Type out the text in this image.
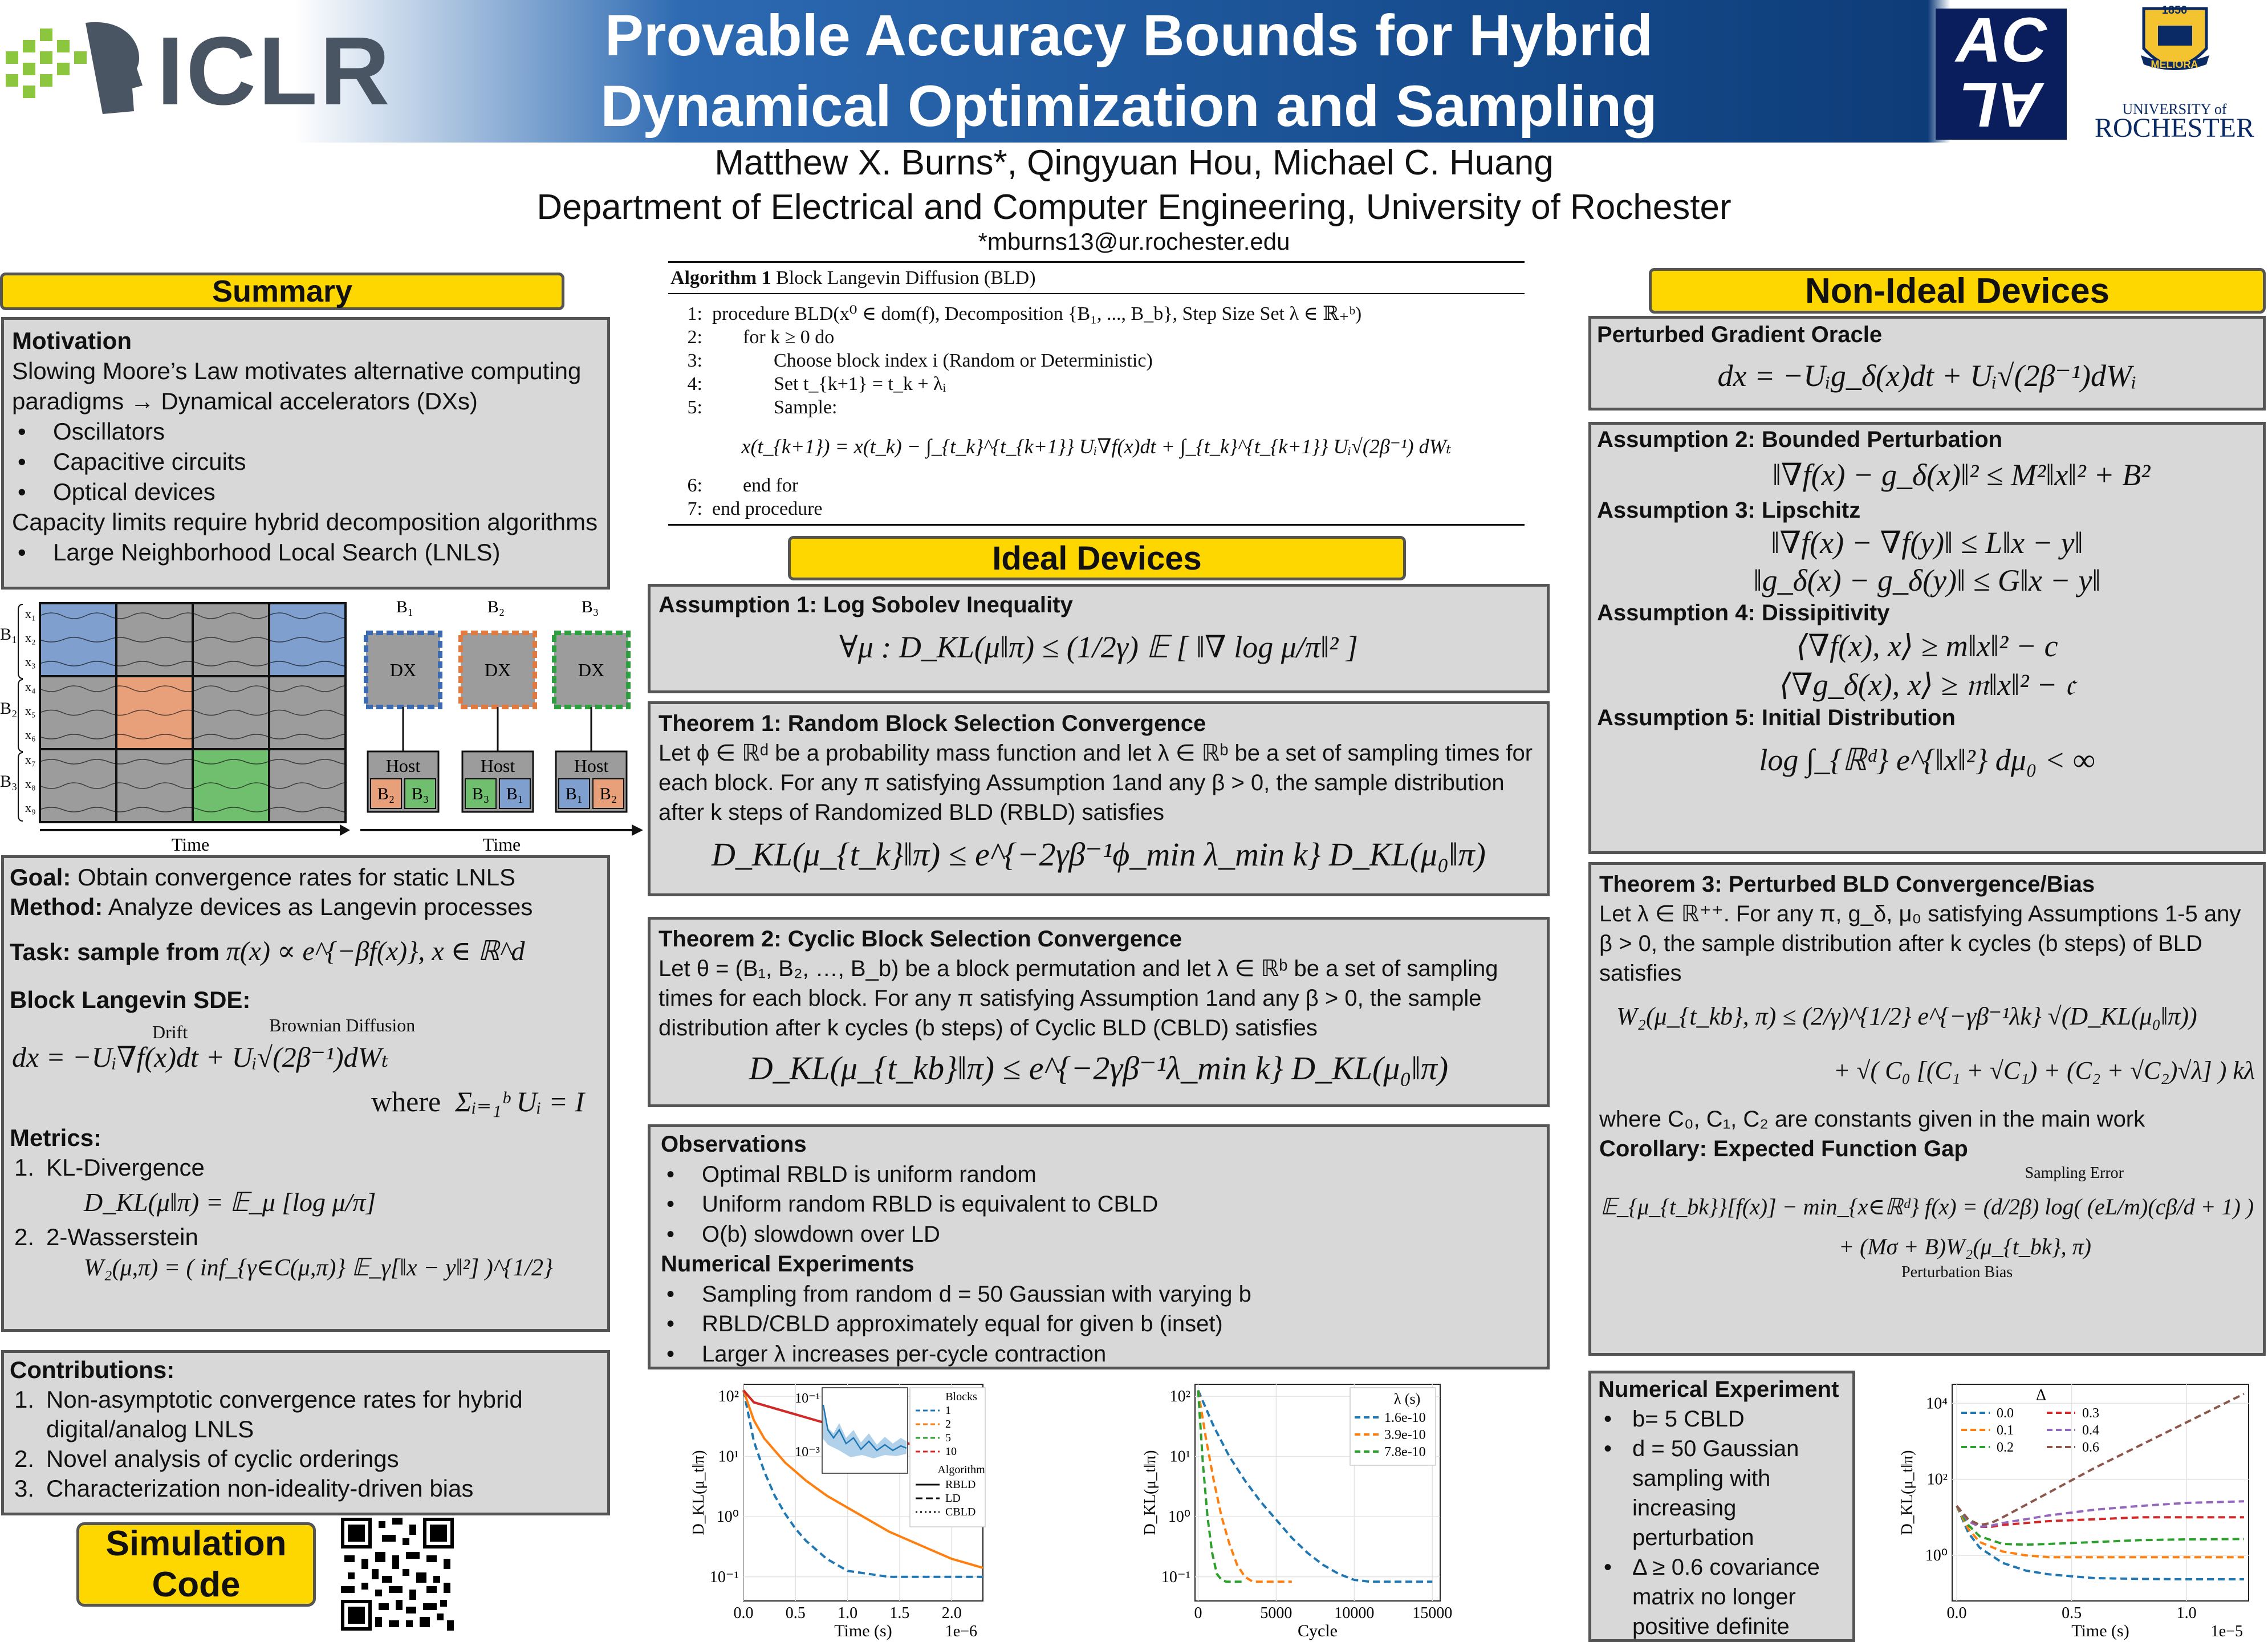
ICLR	Provable Accuracy Bounds for Hybrid
Dynamical Optimization and Sampling
AC
AL
1850
MELIORA
UNIVERSITY of
ROCHESTER
Matthew X. Burns*, Qingyuan Hou, Michael C. Huang
Department of Electrical and Computer Engineering, University of Rochester
*mburns13@ur.rochester.edu
Summary
Motivation
Slowing Moore’s Law motivates alternative computing paradigms → Dynamical accelerators (DXs)
• Oscillators
• Capacitive circuits
• Optical devices
Capacity limits require hybrid decomposition algorithms
• Large Neighborhood Local Search (LNLS)
B₁
B₂
B₃
x₁
x₂
x₃
x₄
x₅
x₆
x₇
x₈
x₉
Time
B₁	B₂	B₃
DX	DX	DX
Host	Host	Host
B₂ B₃	B₃ B₁ B₁ B₂
Time
Goal: Obtain convergence rates for static LNLS
Method: Analyze devices as Langevin processes
Task: sample from π(x) ∝ e^{−βf(x)}, x ∈ ℝ^d
Block Langevin SDE:
Drift	Brownian Diffusion
dx = −Uᵢ∇f(x)dt + Uᵢ√(2β⁻¹)dWₜ
where Σᵢ₌₁ᵇ Uᵢ = I
Metrics:
1. KL-Divergence
D_KL(μ‖π) = 𝔼_μ [log μ/π]
2. 2-Wasserstein
W₂(μ,π) = ( inf_{γ∈C(μ,π)} 𝔼_γ[‖x − y‖²] )^{1/2}
Contributions:
1. Non-asymptotic convergence rates for hybrid digital/analog LNLS
2. Novel analysis of cyclic orderings
3. Characterization non-ideality-driven bias
Simulation
Code
Algorithm 1 Block Langevin Diffusion (BLD)
1: procedure BLD(x⁰ ∈ dom(f), Decomposition {B₁, ..., B_b}, Step Size Set λ ∈ ℝ₊ᵇ)
2: for k ≥ 0 do
3:	Choose block index i (Random or Deterministic)
4:	Set t_{k+1} = t_k + λᵢ
5:	Sample:
x(t_{k+1}) = x(t_k) − ∫_{t_k}^{t_{k+1}} Uᵢ∇f(x)dt + ∫_{t_k}^{t_{k+1}} Uᵢ√(2β⁻¹) dWₜ
6: end for
7: end procedure
Ideal Devices
Assumption 1: Log Sobolev Inequality
∀μ : D_KL(μ‖π) ≤ (1/2γ) 𝔼 [ ‖∇ log μ/π‖² ]
Theorem 1: Random Block Selection Convergence
Let ϕ ∈ ℝᵈ be a probability mass function and let λ ∈ ℝᵇ be a set of sampling times for each block. For any π satisfying Assumption 1and any β > 0, the sample distribution after k steps of Randomized BLD (RBLD) satisfies
D_KL(μ_{t_k}‖π) ≤ e^{−2γβ⁻¹ϕ_min λ_min k} D_KL(μ₀‖π)
Theorem 2: Cyclic Block Selection Convergence
Let θ = (B₁, B₂, …, B_b) be a block permutation and let λ ∈ ℝᵇ be a set of sampling times for each block. For any π satisfying Assumption 1and any β > 0, the sample distribution after k cycles (b steps) of Cyclic BLD (CBLD) satisfies
D_KL(μ_{t_kb}‖π) ≤ e^{−2γβ⁻¹λ_min k} D_KL(μ₀‖π)
Observations
• Optimal RBLD is uniform random
• Uniform random RBLD is equivalent to CBLD
• O(b) slowdown over LD
Numerical Experiments
• Sampling from random d = 50 Gaussian with varying b
• RBLD/CBLD approximately equal for given b (inset)
• Larger λ increases per-cycle contraction
0.0 0.5 1.0 1.5 2.0
10⁻¹
10⁰
10¹
10²
Time (s)
D_KL(μ_t‖π)
1e−6
10⁻¹
10⁻³
Blocks
1
2
5
10
Algorithm
RBLD
LD
CBLD
0	5000	10000 15000
10⁻¹
10⁰
10¹
10²
Cycle
D_KL(μ_t‖π)
λ (s)
1.6e-10
3.9e-10
7.8e-10
Non-Ideal Devices
Perturbed Gradient Oracle
dx = −Uᵢg_δ(x)dt + Uᵢ√(2β⁻¹)dWᵢ
Assumption 2: Bounded Perturbation
‖∇f(x) − g_δ(x)‖² ≤ M²‖x‖² + B²
Assumption 3: Lipschitz
‖∇f(x) − ∇f(y)‖ ≤ L‖x − y‖
‖g_δ(x) − g_δ(y)‖ ≤ G‖x − y‖
Assumption 4: Dissipitivity
⟨∇f(x), x⟩ ≥ m‖x‖² − c
⟨∇g_δ(x), x⟩ ≥ 𝔪‖x‖² − 𝔠
Assumption 5: Initial Distribution
log ∫_{ℝᵈ} e^{‖x‖²} dμ₀ < ∞
Theorem 3: Perturbed BLD Convergence/Bias
Let λ ∈ ℝ⁺⁺. For any π, g_δ, μ₀ satisfying Assumptions 1-5 any β > 0, the sample distribution after k cycles (b steps) of BLD satisfies
W₂(μ_{t_kb}, π) ≤ (2/γ)^{1/2} e^{−γβ⁻¹λk} √(D_KL(μ₀‖π))
+ √( C₀ [(C₁ + √C₁) + (C₂ + √C₂)√λ] ) kλ
where C₀, C₁, C₂ are constants given in the main work
Corollary: Expected Function Gap
Sampling Error
𝔼_{μ_{t_bk}}[f(x)] − min_{x∈ℝᵈ} f(x) = (d/2β) log( (eL/m)(cβ/d + 1) )
+ (Mσ + B)W₂(μ_{t_bk}, π)
Perturbation Bias
Numerical Experiment
• b= 5 CBLD
• d = 50 Gaussian sampling with increasing perturbation
• Δ ≥ 0.6 covariance matrix no longer positive definite
0.0	0.5	1.0
10⁰
10²
10⁴
Time (s)
D_KL(μ_t‖π)
1e−5
Δ
0.0
0.1
0.2
0.3
0.4
0.6
